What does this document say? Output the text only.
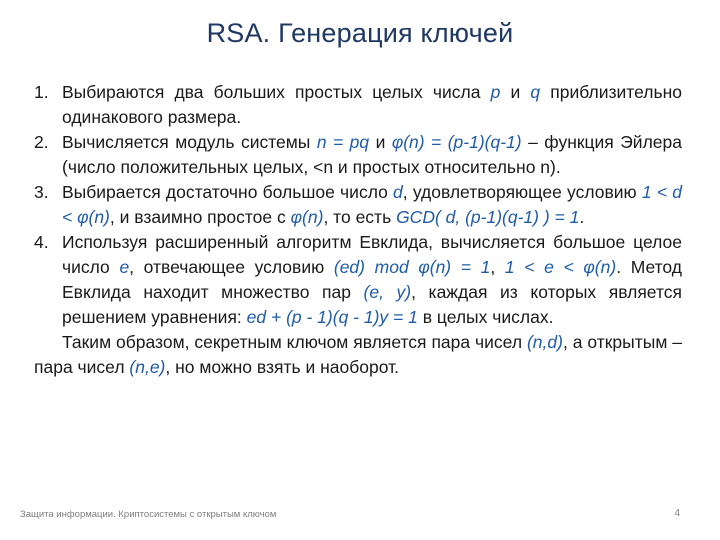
RSA. Генерация ключей
1. Выбираются два больших простых целых числа p и q приблизительно одинакового размера.
2. Вычисляется модуль системы n = pq и φ(n) = (p-1)(q-1) – функция Эйлера (число положительных целых, <n и простых относительно n).
3. Выбирается достаточно большое число d, удовлетворяющее условию 1 < d < φ(n), и взаимно простое с φ(n), то есть GCD( d, (p-1)(q-1) ) = 1.
4. Используя расширенный алгоритм Евклида, вычисляется большое целое число e, отвечающее условию (ed) mod φ(n) = 1, 1 < e < φ(n). Метод Евклида находит множество пар (e, y), каждая из которых является решением уравнения: ed + (p - 1)(q - 1)y = 1 в целых числах.

Таким образом, секретным ключом является пара чисел (n,d), а открытым – пара чисел (n,e), но можно взять и наоборот.

Защита информации. Криптосистемы с открытым ключом	4
